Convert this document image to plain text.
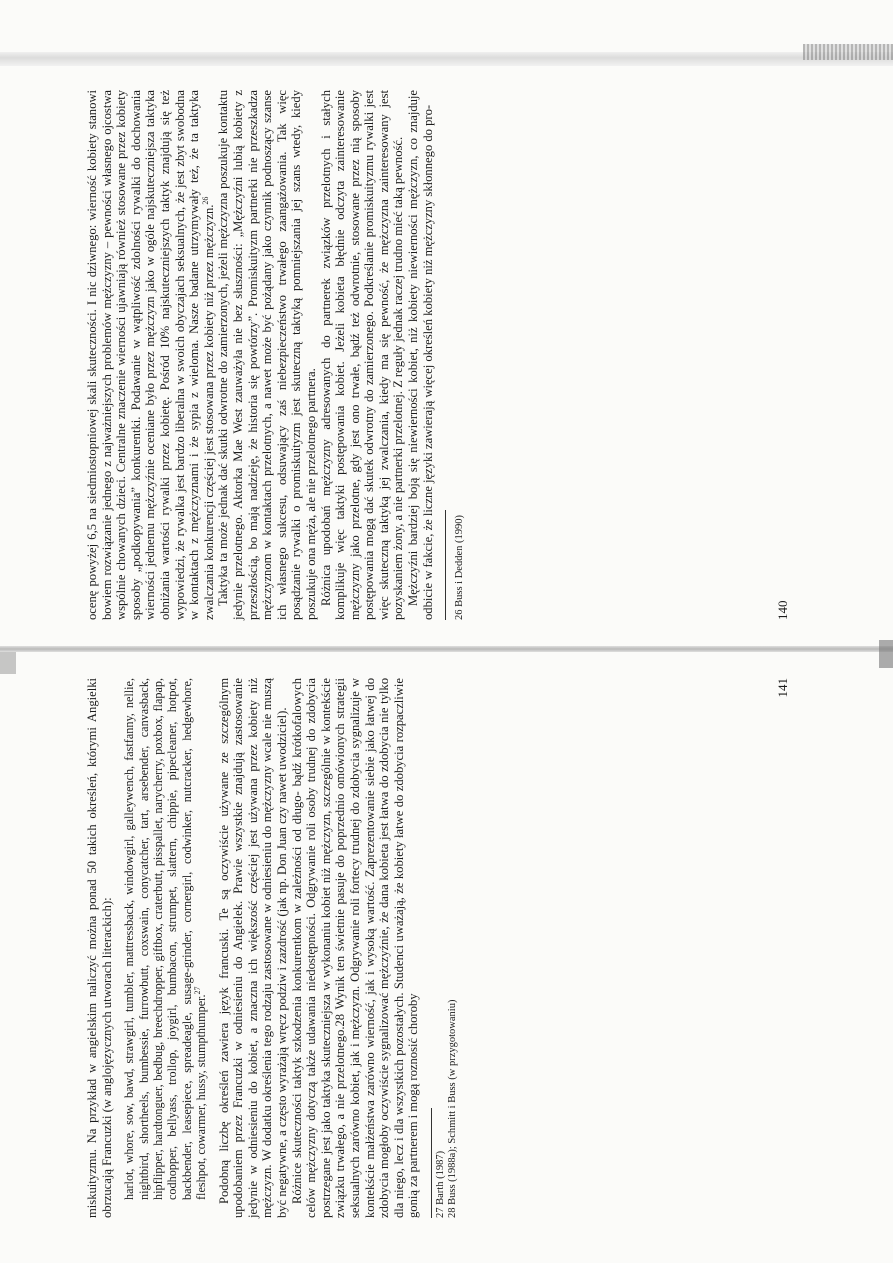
ocenę powyżej 6,5 na siedmiostopniowej skali skuteczności. I nic dziwnego: wierność kobiety stanowi bowiem rozwiązanie jednego z najważniejszych problemów mężczyzny – pewności własnego ojcostwa wspólnie chowanych dzieci. Centralne znaczenie wierności ujawniają również stosowane przez kobiety sposoby „podkopywania” konkurentki. Podawanie w wątpliwość zdolności rywalki do dochowania wierności jednemu mężczyźnie oceniane było przez mężczyzn jako w ogóle najskuteczniejsza taktyka obniżania wartości rywalki przez kobietę. Pośród 10% najskuteczniejszych taktyk znajdują się też wypowiedzi, że rywalka jest bardzo liberalna w swoich obyczajach seksualnych, że jest zbyt swobodna w kontaktach z mężczyznami i że sypia z wieloma. Nasze badane utrzymywały też, że ta taktyka zwalczania konkurencji częściej jest stosowana przez kobiety niż przez mężczyzn.$^{26}$ Taktyka ta może jednak dać skutki odwrotne do zamierzonych, jeżeli mężczyzna poszukuje kontaktu jedynie przelotnego. Aktorka Mae West zauważyła nie bez słuszności: „Mężczyźni lubią kobiety z przeszłością, bo mają nadzieję, że historia się powtórzy”. Promiskuityzm partnerki nie przeszkadza mężczyznom w kontaktach przelotnych, a nawet może być pożądany jako czynnik podnoszący szanse ich własnego sukcesu, odsuwający zaś niebezpieczeństwo trwałego zaangażowania. Tak więc posądzanie rywalki o promiskuityzm jest skuteczną taktyką pomniejszania jej szans wtedy, kiedy poszukuje ona męża, ale nie przelotnego partnera. Różnica upodobań mężczyzny adresowanych do partnerek związków przelotnych i stałych komplikuje więc taktyki postępowania kobiet. Jeżeli kobieta błędnie odczyta zainteresowanie mężczyzny jako przelotne, gdy jest ono trwałe, bądź też odwrotnie, stosowane przez nią sposoby postępowania mogą dać skutek odwrotny do zamierzonego. Podkreślanie promiskuityzmu rywalki jest więc skuteczną taktyką jej zwalczania, kiedy ma się pewność, że mężczyzna zainteresowany jest pozyskaniem żony, a nie partnerki przelotnej. Z reguły jednak raczej trudno mieć taką pewność. Mężczyźni bardziej boją się niewierności kobiet, niż kobiety niewierności mężczyzn, co znajduje odbicie w fakcie, że liczne języki zawierają więcej określeń kobiety niż mężczyzny skłonnego do pro- 26 Buss i Dedden (1990)	140

miskuityzmu. Na przykład w angielskim naliczyć można ponad 50 takich określeń, którymi Angielki obrzucają Francuzki (w anglojęzycznych utworach literackich): harlot, whore, sow, bawd, strawgirl, tumbler, mattressback, windowgirl, galleywench, fastfanny, nellie, nightbird, shortheels, bumbessie, furrowbutt, coxswain, conycatcher, tart, arsebender, canvasback, hipflipper, hardtonguer, bedbug, breechdropper, giftbox, craterbutt, pisspallet, narycherry, poxbox, flapap, codhopper, bellyass, trollop, joygirl, bumbacon, strumpet, slattern, chippie, pipecleaner, hotpot, backbender, leasepiece, spreadeagle, susage-grinder, cornergirl, codwinker, nutcracker, hedgewhore, fleshpot, cowarmer, hussy, stumpthumper.$^{27}$	Podobną liczbę określeń zawiera język francuski. Te są oczywiście używane ze szczególnym upodobaniem przez Francuzki w odniesieniu do Angielek. Prawie wszystkie znajdują zastosowanie jedynie w odniesieniu do kobiet, a znaczna ich większość częściej jest używana przez kobiety niż mężczyzn. W dodatku określenia tego rodzaju zastosowane w odniesieniu do mężczyzny wcale nie muszą być negatywne, a często wyrażają wręcz podziw i zazdrość (jak np. Don Juan czy nawet uwodziciel). Różnice skuteczności taktyk szkodzenia konkurentkom w zależności od długo- bądź krótkofalowych celów mężczyzny dotyczą także udawania niedostępności. Odgrywanie roli osoby trudnej do zdobycia postrzegane jest jako taktyka skuteczniejsza w wykonaniu kobiet niż mężczyzn, szczególnie w kontekście związku trwałego, a nie przelotnego.28 Wynik ten świetnie pasuje do poprzednio omówionych strategii seksualnych zarówno kobiet, jak i mężczyzn. Odgrywanie roli fortecy trudnej do zdobycia sygnalizuje w kontekście małżeństwa zarówno wierność, jak i wysoką wartość. Zaprezentowanie siebie jako łatwej do zdobycia mogłoby oczywiście sygnalizować mężczyźnie, że dana kobieta jest łatwa do zdobycia nie tylko dla niego, lecz i dla wszystkich pozostałych. Studenci uważają, że kobiety łatwe do zdobycia rozpaczliwie gonią za partnerem i mogą roznosić choroby 27 Barth (1987) 28 Buss (1988a); Schmitt i Buss (w przygotowaniu)
141
